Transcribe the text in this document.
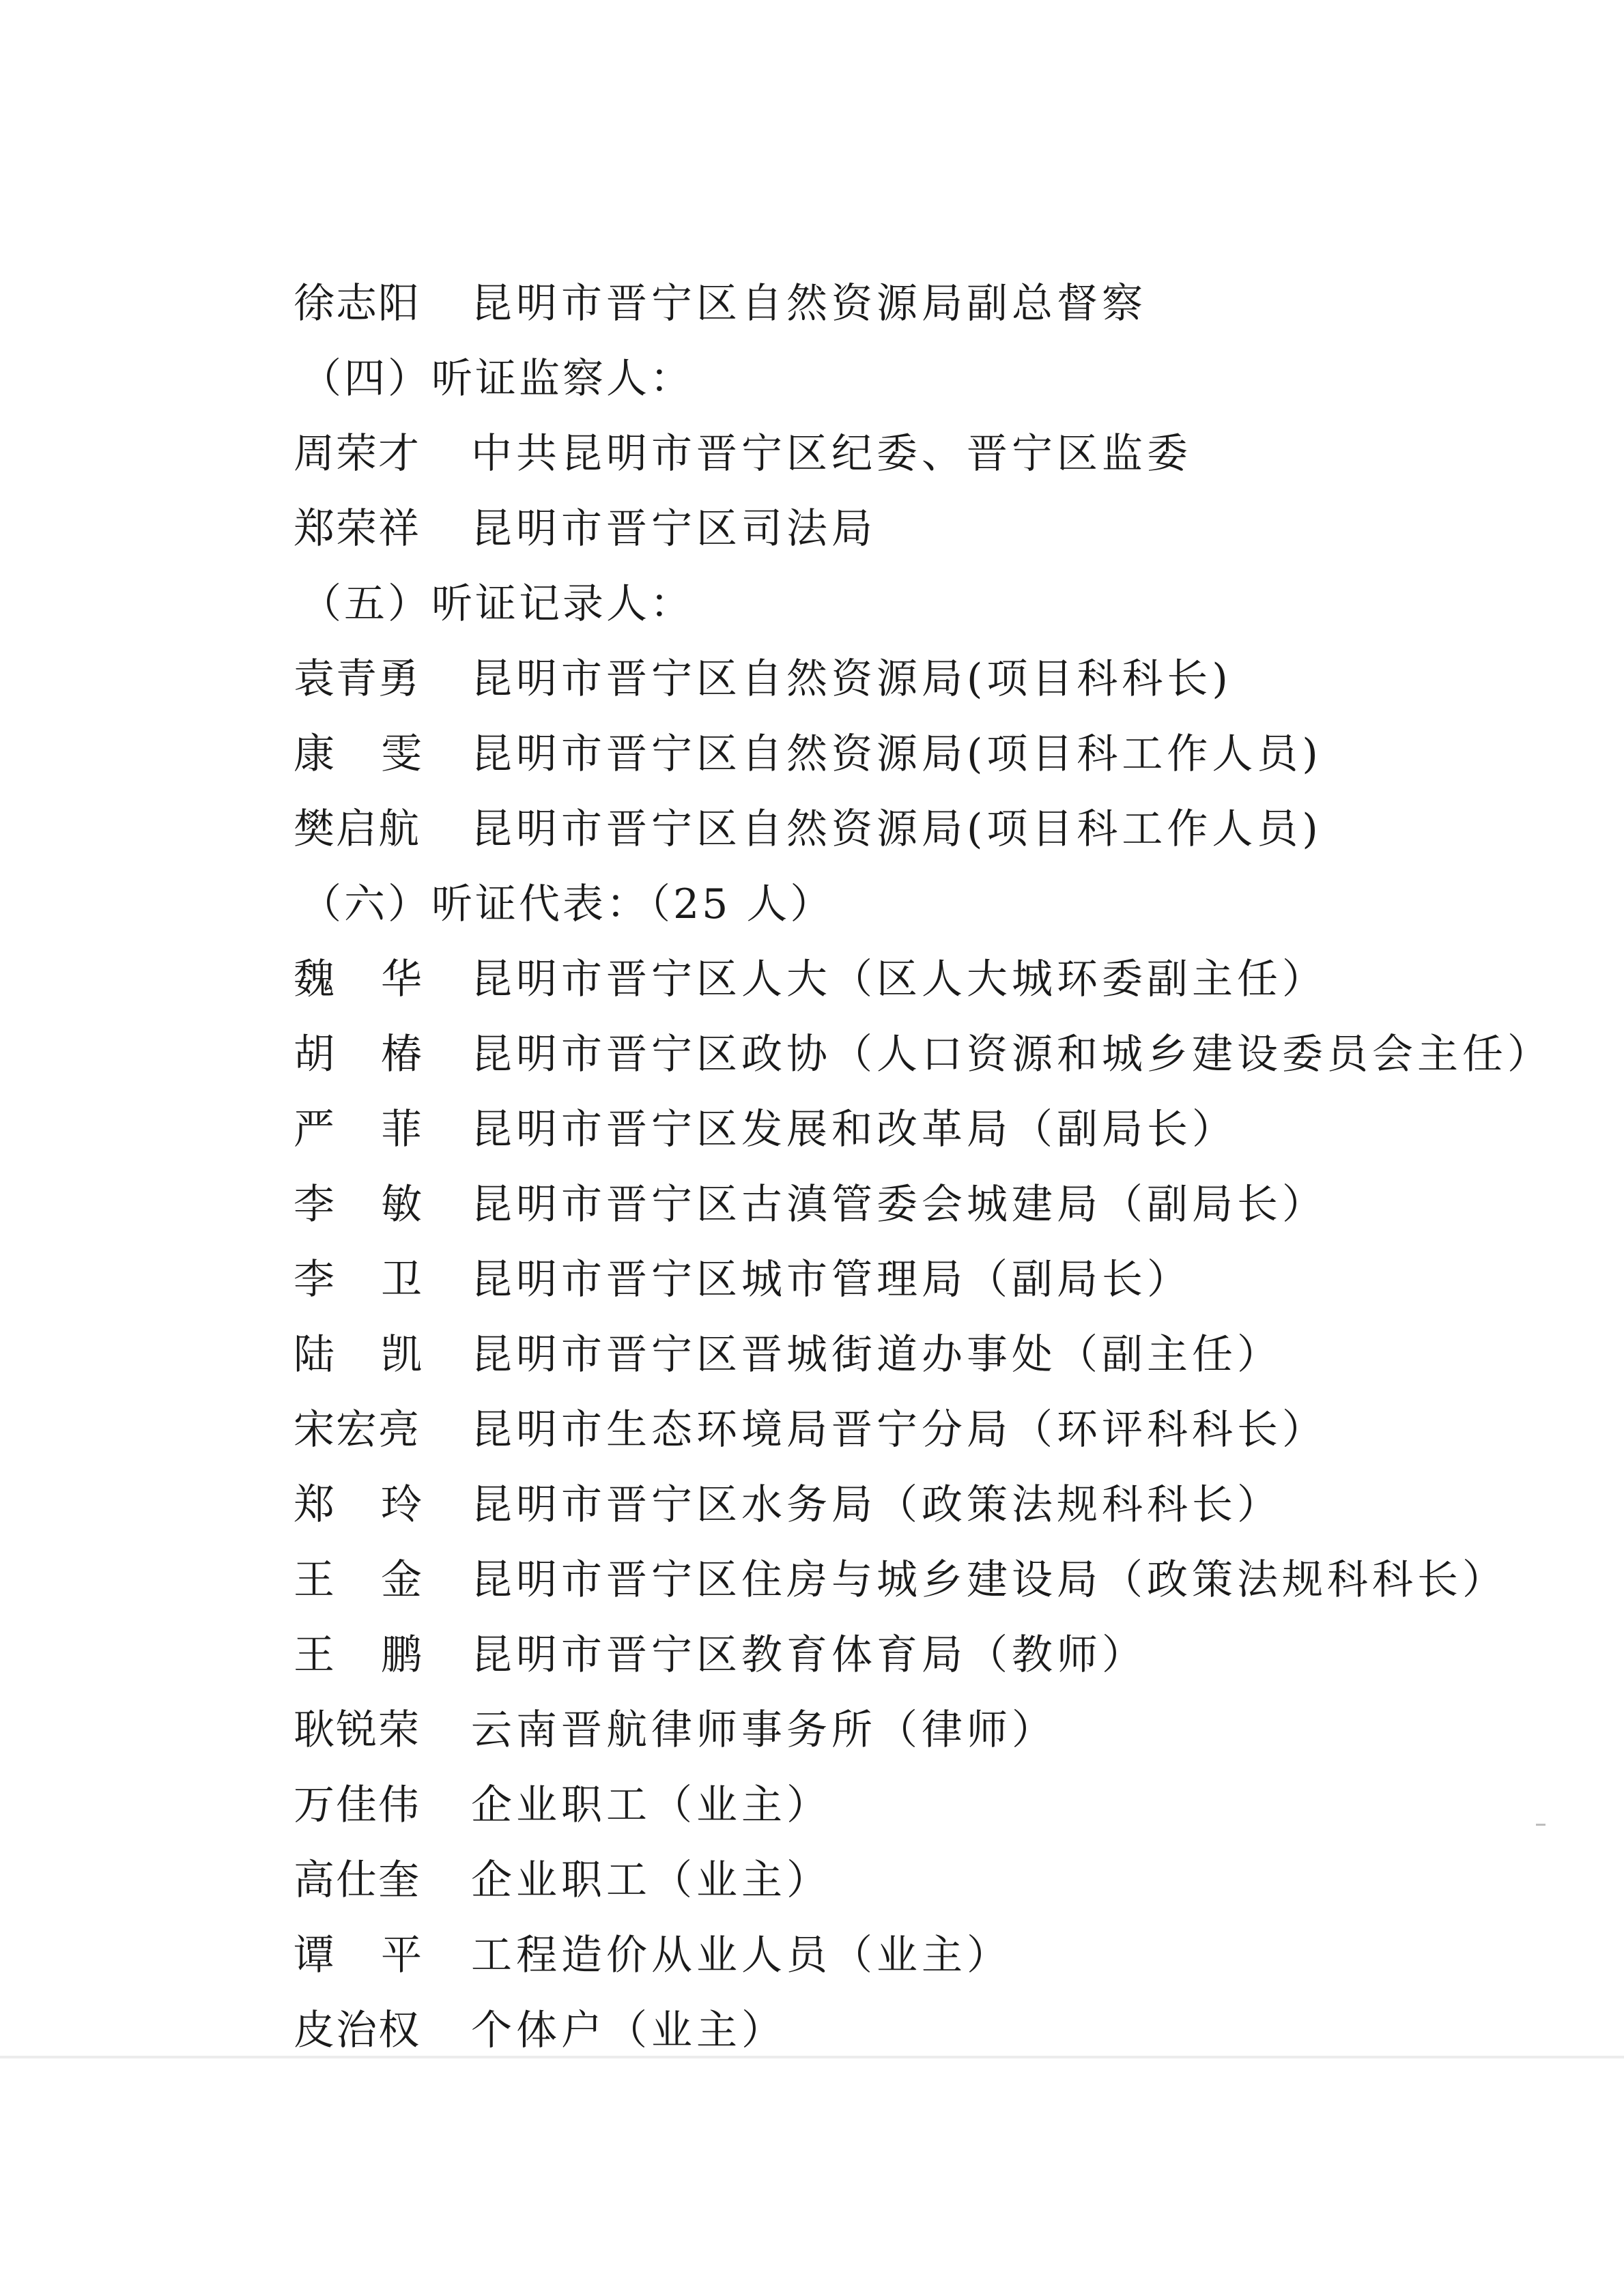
徐志阳 昆明市晋宁区自然资源局副总督察
（四）听证监察人：
周荣才 中共昆明市晋宁区纪委、晋宁区监委
郑荣祥 昆明市晋宁区司法局
（五）听证记录人：
袁青勇 昆明市晋宁区自然资源局(项目科科长)
康雯昆明市晋宁区自然资源局(项目科工作人员)
樊启航 昆明市晋宁区自然资源局(项目科工作人员)
（六）听证代表：（25 人）
魏华昆明市晋宁区人大（区人大城环委副主任）
胡椿昆明市晋宁区政协（人口资源和城乡建设委员会主任）
严菲昆明市晋宁区发展和改革局（副局长）
李敏昆明市晋宁区古滇管委会城建局（副局长）
李卫昆明市晋宁区城市管理局（副局长）
陆凯昆明市晋宁区晋城街道办事处（副主任）
宋宏亮 昆明市生态环境局晋宁分局（环评科科长）
郑玲昆明市晋宁区水务局（政策法规科科长）
王金昆明市晋宁区住房与城乡建设局（政策法规科科长）
王鹏昆明市晋宁区教育体育局（教师）
耿锐荣 云南晋航律师事务所（律师）
万佳伟 企业职工（业主）
高仕奎 企业职工（业主）
谭平工程造价从业人员（业主）
皮治权 个体户（业主）
